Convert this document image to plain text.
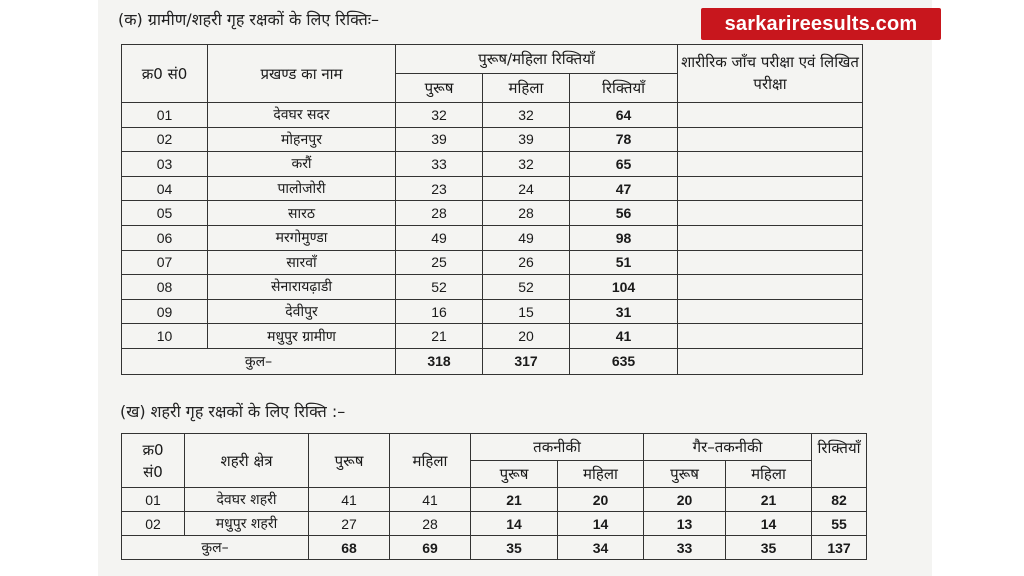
sarkarireesults.com
(क) ग्रामीण/शहरी गृह रक्षकों के लिए रिक्तिः–
क्र0 सं0	प्रखण्ड का नाम	पुरूष/महिला रिक्तियाँ			शारीरिक जाँच परीक्षा एवं लिखित परीक्षा
		पुरूष	महिला	रिक्तियाँ	
01	देवघर सदर	32	32	64	
02	मोहनपुर	39	39	78	
03	करौं	33	32	65	
04	पालोजोरी	23	24	47	
05	सारठ	28	28	56	
06	मरगोमुण्डा	49	49	98	
07	सारवाँ	25	26	51	
08	सेनारायढ़ाडी	52	52	104	
09	देवीपुर	16	15	31	
10	मधुपुर ग्रामीण	21	20	41	
कुल–		318	317	635	
(ख) शहरी गृह रक्षकों के लिए रिक्ति :–
क्र0
सं0	शहरी क्षेत्र	पुरूष	महिला	तकनीकी		गैर–तकनीकी		रिक्तियाँ
				पुरूष	महिला	पुरूष	महिला	
01	देवघर शहरी	41	41	21	20	20	21	82
02	मधुपुर शहरी	27	28	14	14	13	14	55
कुल–		68	69	35	34	33	35	137
